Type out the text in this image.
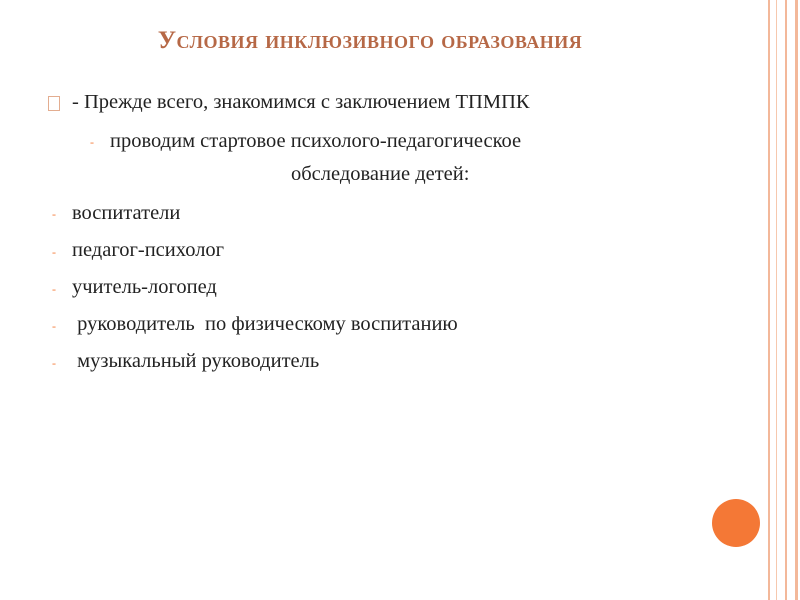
Условия инклюзивного образования
- Прежде всего, знакомимся с заключением ТПМПК
- проводим стартовое психолого-педагогическое
обследование детей:
- воспитатели
- педагог-психолог
- учитель-логопед
- руководитель  по физическому воспитанию
- музыкальный руководитель
